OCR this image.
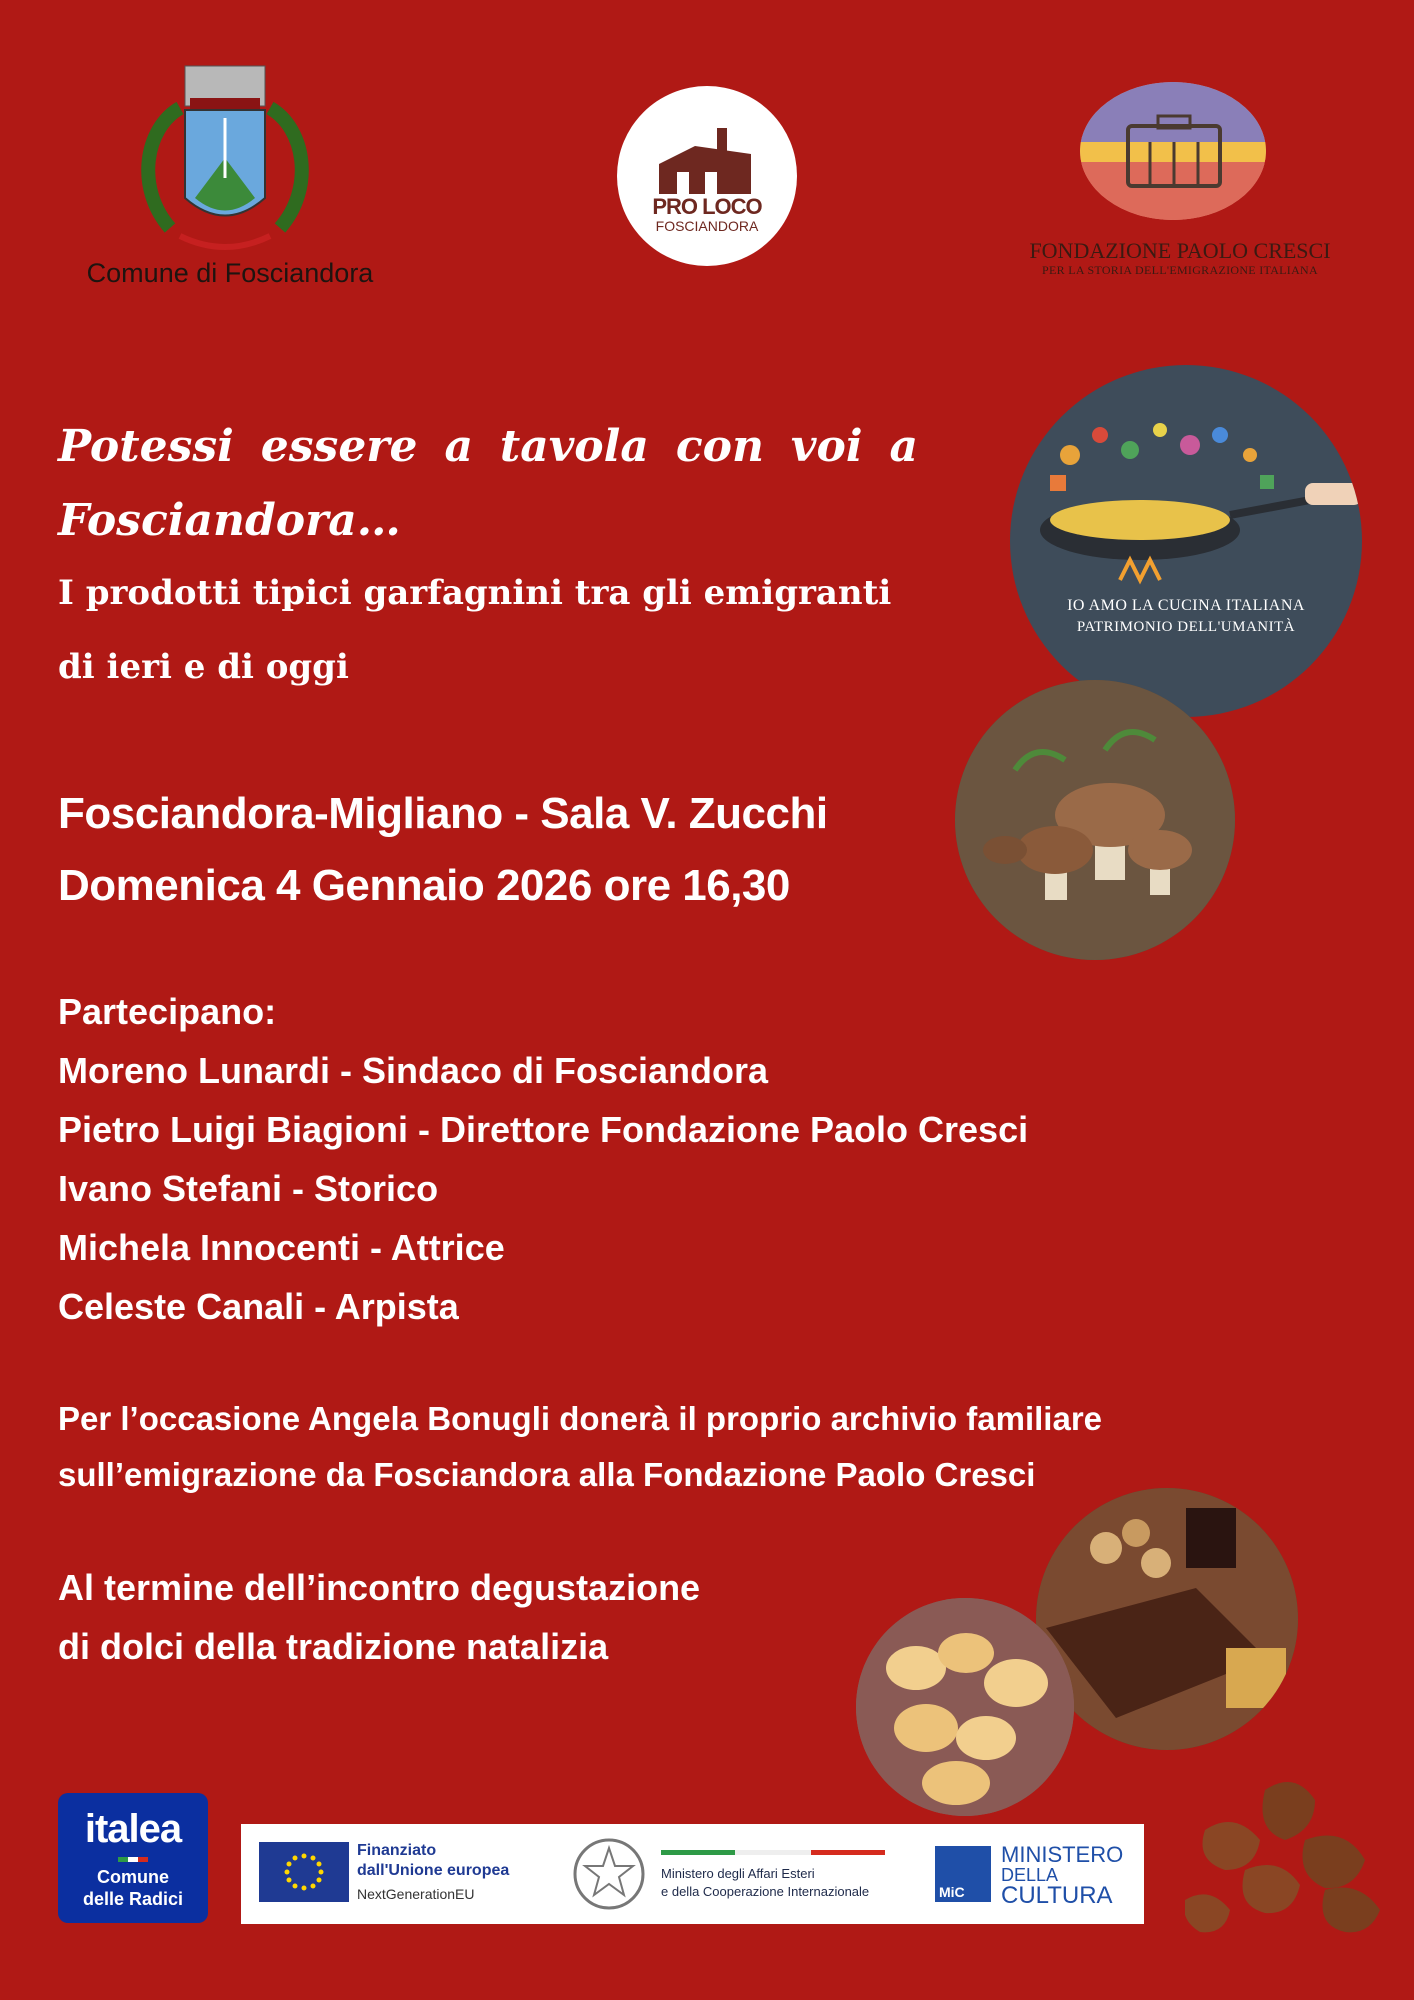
Comune di Fosciandora
PRO LOCO
FOSCIANDORA
FONDAZIONE PAOLO CRESCI
PER LA STORIA DELL'EMIGRAZIONE ITALIANA
Potessi essere a tavola con voi a Fosciandora…
I prodotti tipici garfagnini tra gli emigranti
di ieri e di oggi
IO AMO LA CUCINA ITALIANA
PATRIMONIO DELL'UMANITÀ
Fosciandora-Migliano - Sala V. Zucchi
Domenica 4 Gennaio 2026 ore 16,30
Partecipano:
Moreno Lunardi - Sindaco di Fosciandora
Pietro Luigi Biagioni - Direttore Fondazione Paolo Cresci
Ivano Stefani - Storico
Michela Innocenti - Attrice
Celeste Canali - Arpista
Per l’occasione Angela Bonugli donerà il proprio archivio familiare
sull’emigrazione da Fosciandora alla Fondazione Paolo Cresci
Al termine dell’incontro degustazione
di dolci della tradizione natalizia
italea
Comune
delle Radici
Finanziato
dall'Unione europea
NextGenerationEU
Ministero degli Affari Esteri
e della Cooperazione Internazionale	MiC
MINISTERO
DELLA
CULTURA
